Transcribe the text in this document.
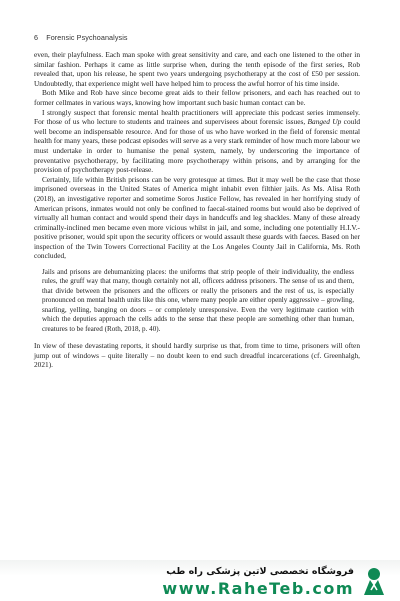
6 Forensic Psychoanalysis

even, their playfulness. Each man spoke with great sensitivity and care, and each one listened to the other in similar fashion. Perhaps it came as little surprise when, during the tenth episode of the first series, Rob revealed that, upon his release, he spent two years undergoing psychotherapy at the cost of £50 per session. Undoubtedly, that experience might well have helped him to process the awful horror of his time inside.

Both Mike and Rob have since become great aids to their fellow prisoners, and each has reached out to former cellmates in various ways, knowing how important such basic human contact can be.

I strongly suspect that forensic mental health practitioners will appreciate this podcast series immensely. For those of us who lecture to students and trainees and supervisees about forensic issues, Banged Up could well become an indispensable resource. And for those of us who have worked in the field of forensic mental health for many years, these podcast episodes will serve as a very stark reminder of how much more labour we must undertake in order to humanise the penal system, namely, by underscoring the importance of preventative psychotherapy, by facilitating more psychotherapy within prisons, and by arranging for the provision of psychotherapy post-release.

Certainly, life within British prisons can be very grotesque at times. But it may well be the case that those imprisoned overseas in the United States of America might inhabit even filthier jails. As Ms. Alisa Roth (2018), an investigative reporter and sometime Soros Justice Fellow, has revealed in her horrifying study of American prisons, inmates would not only be confined to faecal-stained rooms but would also be deprived of virtually all human contact and would spend their days in handcuffs and leg shackles. Many of these already criminally-inclined men became even more vicious whilst in jail, and some, including one potentially H.I.V.-positive prisoner, would spit upon the security officers or would assault these guards with faeces. Based on her inspection of the Twin Towers Correctional Facility at the Los Angeles County Jail in California, Ms. Roth concluded,

Jails and prisons are dehumanizing places: the uniforms that strip people of their individuality, the endless rules, the gruff way that many, though certainly not all, officers address prisoners. The sense of us and them, that divide between the prisoners and the officers or really the prisoners and the rest of us, is especially pronounced on mental health units like this one, where many people are either openly aggressive – growling, snarling, yelling, banging on doors – or completely unresponsive. Even the very legitimate caution with which the deputies approach the cells adds to the sense that these people are something other than human, creatures to be feared (Roth, 2018, p. 40).

In view of these devastating reports, it should hardly surprise us that, from time to time, prisoners will often jump out of windows – quite literally – no doubt keen to end such dreadful incarcerations (cf. Greenhalgh, 2021).

فروشگاه تخصصی لاتین پزشکی راه طب
www.RaheTeb.com
